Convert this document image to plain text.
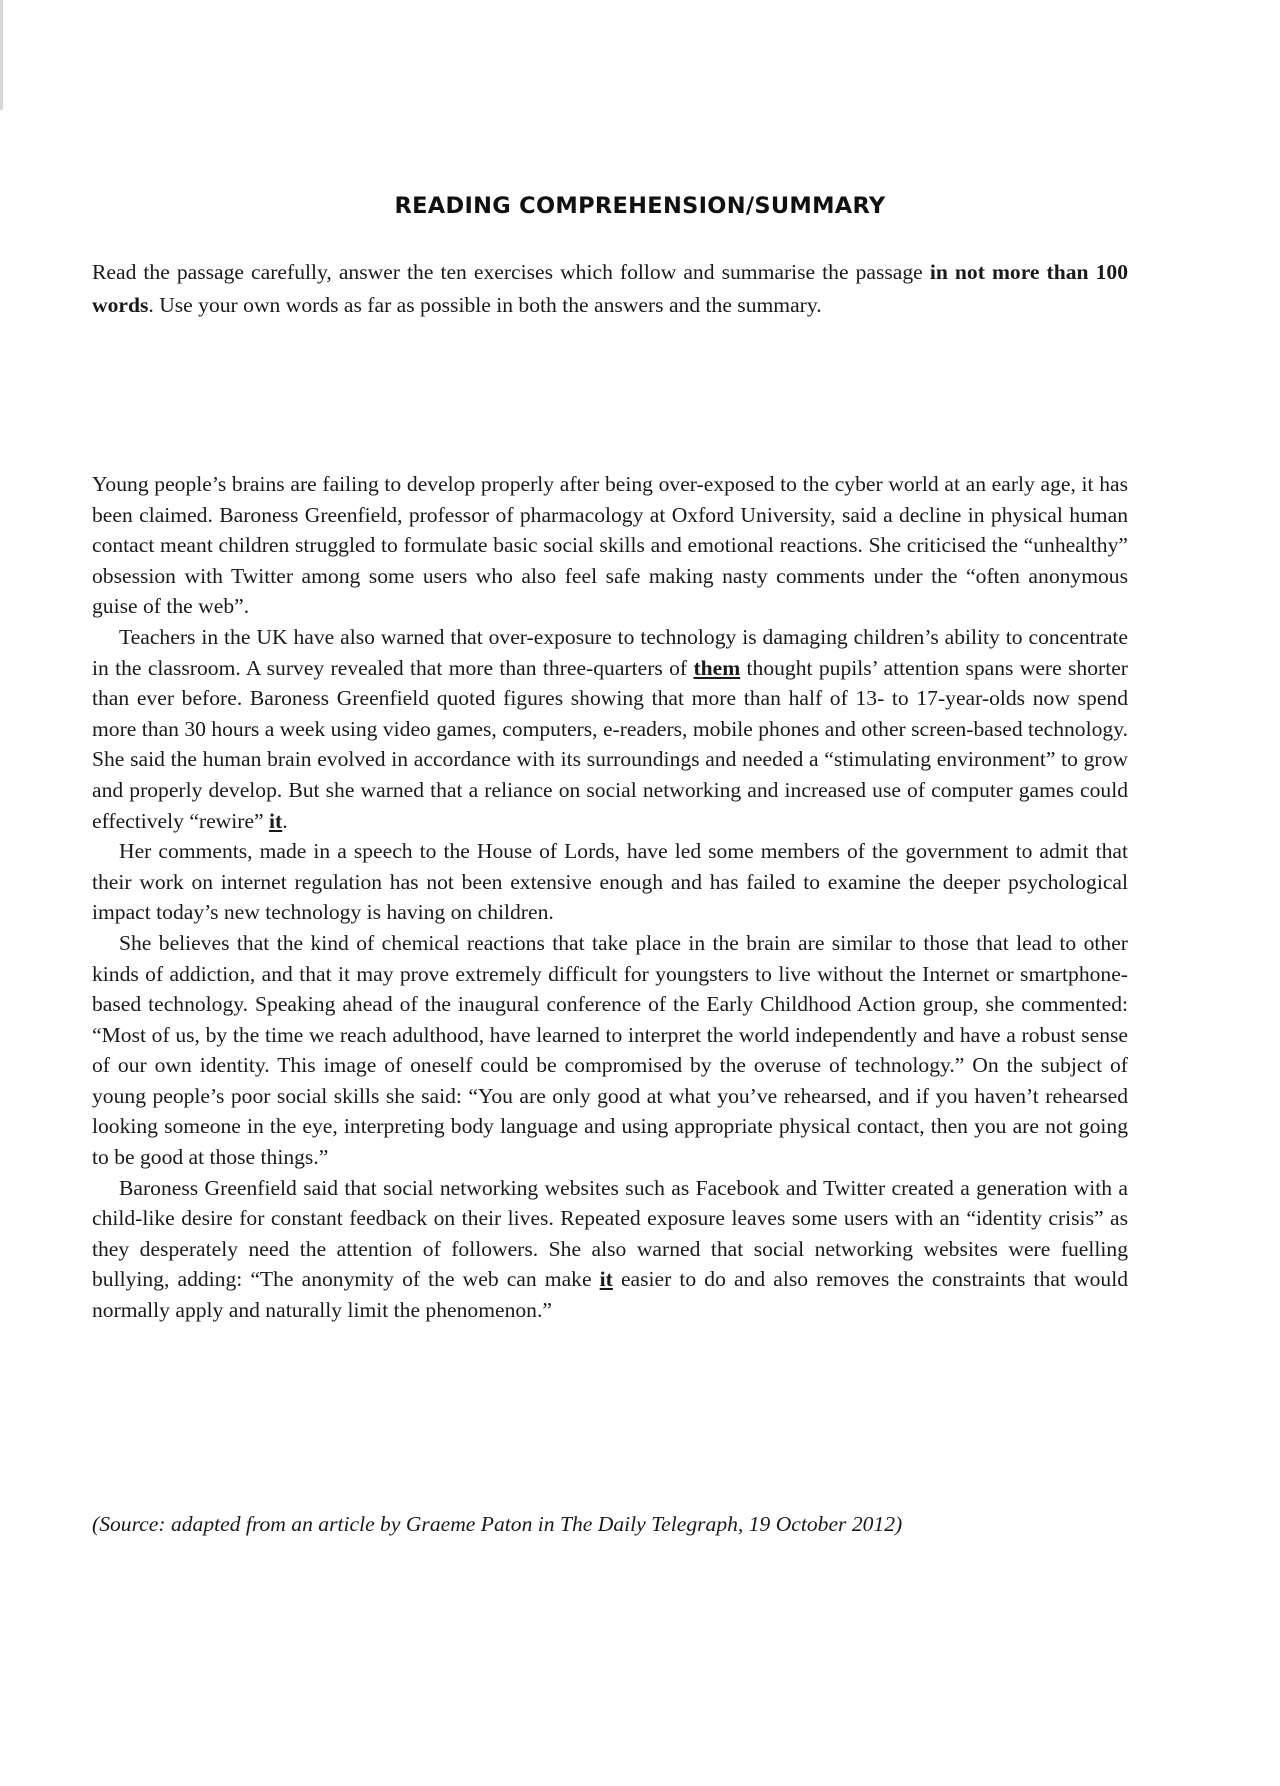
READING COMPREHENSION/SUMMARY
Read the passage carefully, answer the ten exercises which follow and summarise the passage in not more than 100 words. Use your own words as far as possible in both the answers and the summary.

Young people’s brains are failing to develop properly after being over-exposed to the cyber world at an early age, it has been claimed. Baroness Greenfield, professor of pharmacology at Oxford University, said a decline in physical human contact meant children struggled to formulate basic social skills and emotional reactions. She criticised the “unhealthy” obsession with Twitter among some users who also feel safe making nasty comments under the “often anonymous guise of the web”.

Teachers in the UK have also warned that over-exposure to technology is damaging children’s ability to concentrate in the classroom. A survey revealed that more than three-quarters of them thought pupils’ attention spans were shorter than ever before. Baroness Greenfield quoted figures showing that more than half of 13- to 17-year-olds now spend more than 30 hours a week using video games, computers, e-readers, mobile phones and other screen-based technology. She said the human brain evolved in accordance with its surroundings and needed a “stimulating environment” to grow and properly develop. But she warned that a reliance on social networking and increased use of computer games could effectively “rewire” it.

Her comments, made in a speech to the House of Lords, have led some members of the government to admit that their work on internet regulation has not been extensive enough and has failed to examine the deeper psychological impact today’s new technology is having on children.

She believes that the kind of chemical reactions that take place in the brain are similar to those that lead to other kinds of addiction, and that it may prove extremely difficult for youngsters to live without the Internet or smartphone-based technology. Speaking ahead of the inaugural conference of the Early Childhood Action group, she commented: “Most of us, by the time we reach adulthood, have learned to interpret the world independently and have a robust sense of our own identity. This image of oneself could be compromised by the overuse of technology.” On the subject of young people’s poor social skills she said: “You are only good at what you’ve rehearsed, and if you haven’t rehearsed looking someone in the eye, interpreting body language and using appropriate physical contact, then you are not going to be good at those things.”

Baroness Greenfield said that social networking websites such as Facebook and Twitter created a generation with a child-like desire for constant feedback on their lives. Repeated exposure leaves some users with an “identity crisis” as they desperately need the attention of followers. She also warned that social networking websites were fuelling bullying, adding: “The anonymity of the web can make it easier to do and also removes the constraints that would normally apply and naturally limit the phenomenon.”

(Source: adapted from an article by Graeme Paton in The Daily Telegraph, 19 October 2012)
